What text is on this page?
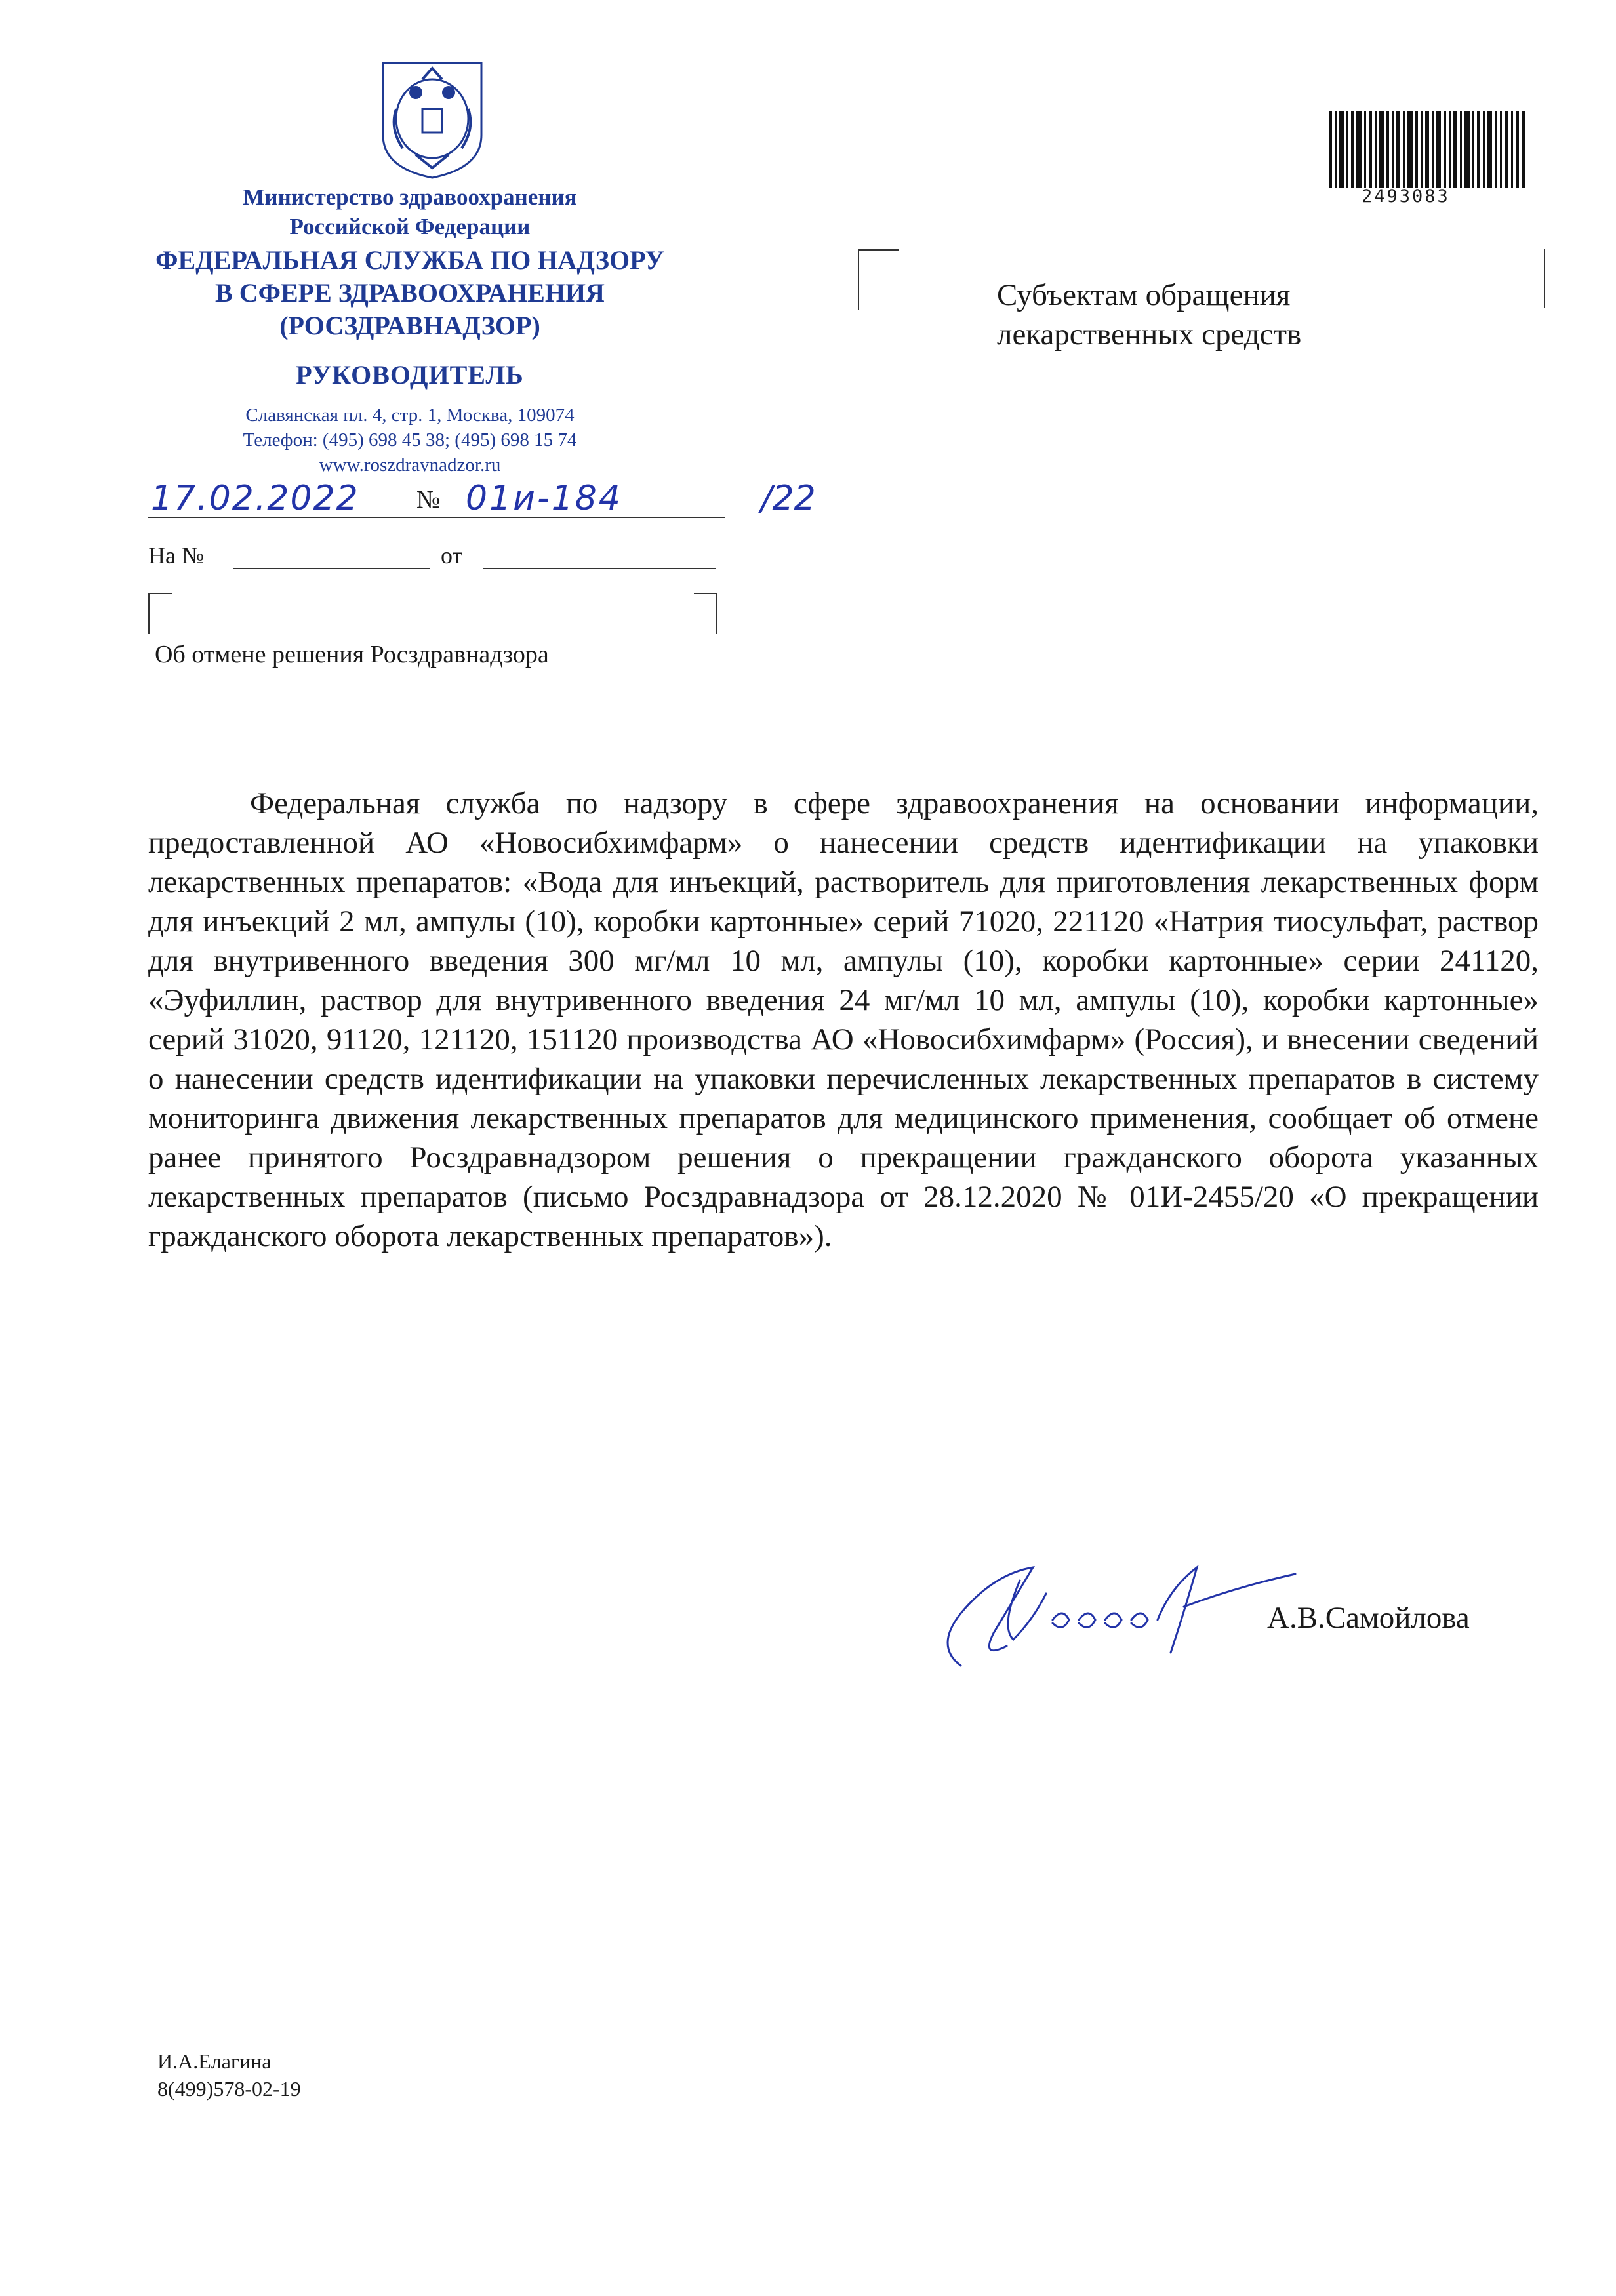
Министерство здравоохранения
Российской Федерации
ФЕДЕРАЛЬНАЯ СЛУЖБА ПО НАДЗОРУ
В СФЕРЕ ЗДРАВООХРАНЕНИЯ
(РОСЗДРАВНАДЗОР)
РУКОВОДИТЕЛЬ
Славянская пл. 4, стр. 1, Москва, 109074
Телефон: (495) 698 45 38; (495) 698 15 74
www.roszdravnadzor.ru
17.02.2022 № 01и-184	/22
На №	от
Об отмене решения Росздравнадзора
2493083
Субъектам обращения
лекарственных средств
Федеральная служба по надзору в сфере здравоохранения на основании информации, предоставленной АО «Новосибхимфарм» о нанесении средств идентификации на упаковки лекарственных препаратов: «Вода для инъекций, растворитель для приготовления лекарственных форм для инъекций 2 мл, ампулы (10), коробки картонные» серий 71020, 221120 «Натрия тиосульфат, раствор для внутривенного введения 300 мг/мл 10 мл, ампулы (10), коробки картонные» серии 241120, «Эуфиллин, раствор для внутривенного введения 24 мг/мл 10 мл, ампулы (10), коробки картонные» серий 31020, 91120, 121120, 151120 производства АО «Новосибхимфарм» (Россия), и внесении сведений о нанесении средств идентификации на упаковки перечисленных лекарственных препаратов в систему мониторинга движения лекарственных препаратов для медицинского применения, сообщает об отмене ранее принятого Росздравнадзором решения о прекращении гражданского оборота указанных лекарственных препаратов (письмо Росздравнадзора от 28.12.2020 № 01И-2455/20 «О прекращении гражданского оборота лекарственных препаратов»).
А.В.Самойлова
И.А.Елагина
8(499)578-02-19
